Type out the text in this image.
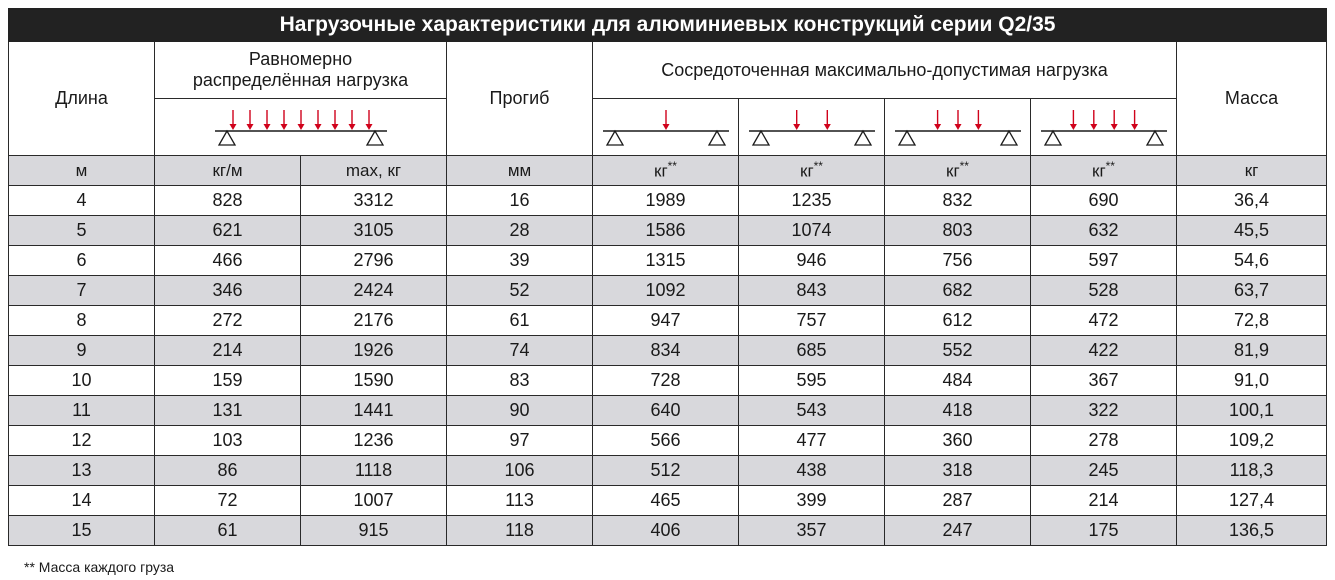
Нагрузочные характеристики для алюминиевых конструкций серии Q2/35								
Длина	Равномерно распределённая нагрузка		Прогиб	Сосредоточенная максимально-допустимая нагрузка				Масса

м	кг/м	max, кг	мм	кг**	кг**	кг**	кг**	кг
4	828	3312	16	1989	1235	832	690	36,4
5	621	3105	28	1586	1074	803	632	45,5
6	466	2796	39	1315	946	756	597	54,6
7	346	2424	52	1092	843	682	528	63,7
8	272	2176	61	947	757	612	472	72,8
9	214	1926	74	834	685	552	422	81,9
10	159	1590	83	728	595	484	367	91,0
11	131	1441	90	640	543	418	322	100,1
12	103	1236	97	566	477	360	278	109,2
13	86	1118	106	512	438	318	245	118,3
14	72	1007	113	465	399	287	214	127,4
15	61	915	118	406	357	247	175	136,5
** Масса каждого груза
